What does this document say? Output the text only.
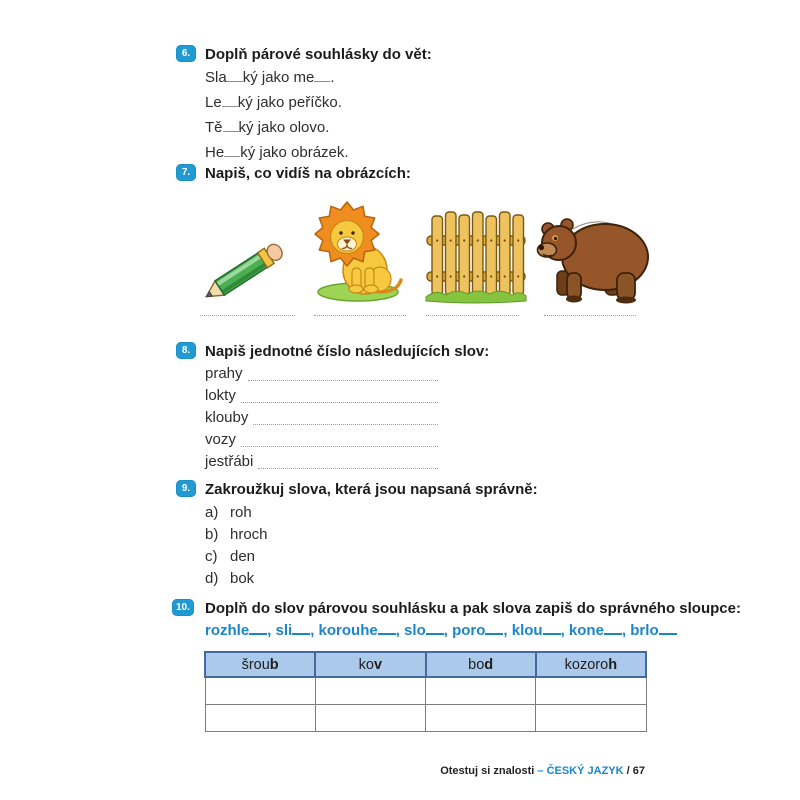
6. Doplň párové souhlásky do vět:
Sla ký jako me .
Le ký jako peříčko.
Tě ký jako olovo.
He ký jako obrázek.
7. Napiš, co vidíš na obrázcích:
8. Napiš jednotné číslo následujících slov:
prahy
lokty
klouby
vozy
jestřábi
9. Zakroužkuj slova, která jsou napsaná správně:
a) roh
b) hroch
c) den
d) bok
10. Doplň do slov párovou souhlásku a pak slova zapiš do správného sloupce:
rozhle , sli , korouhe , slo , poro , klou , kone , brlo
šroub	kov	bod	kozoroh

Otestuj si znalosti – ČESKÝ JAZYK / 67
